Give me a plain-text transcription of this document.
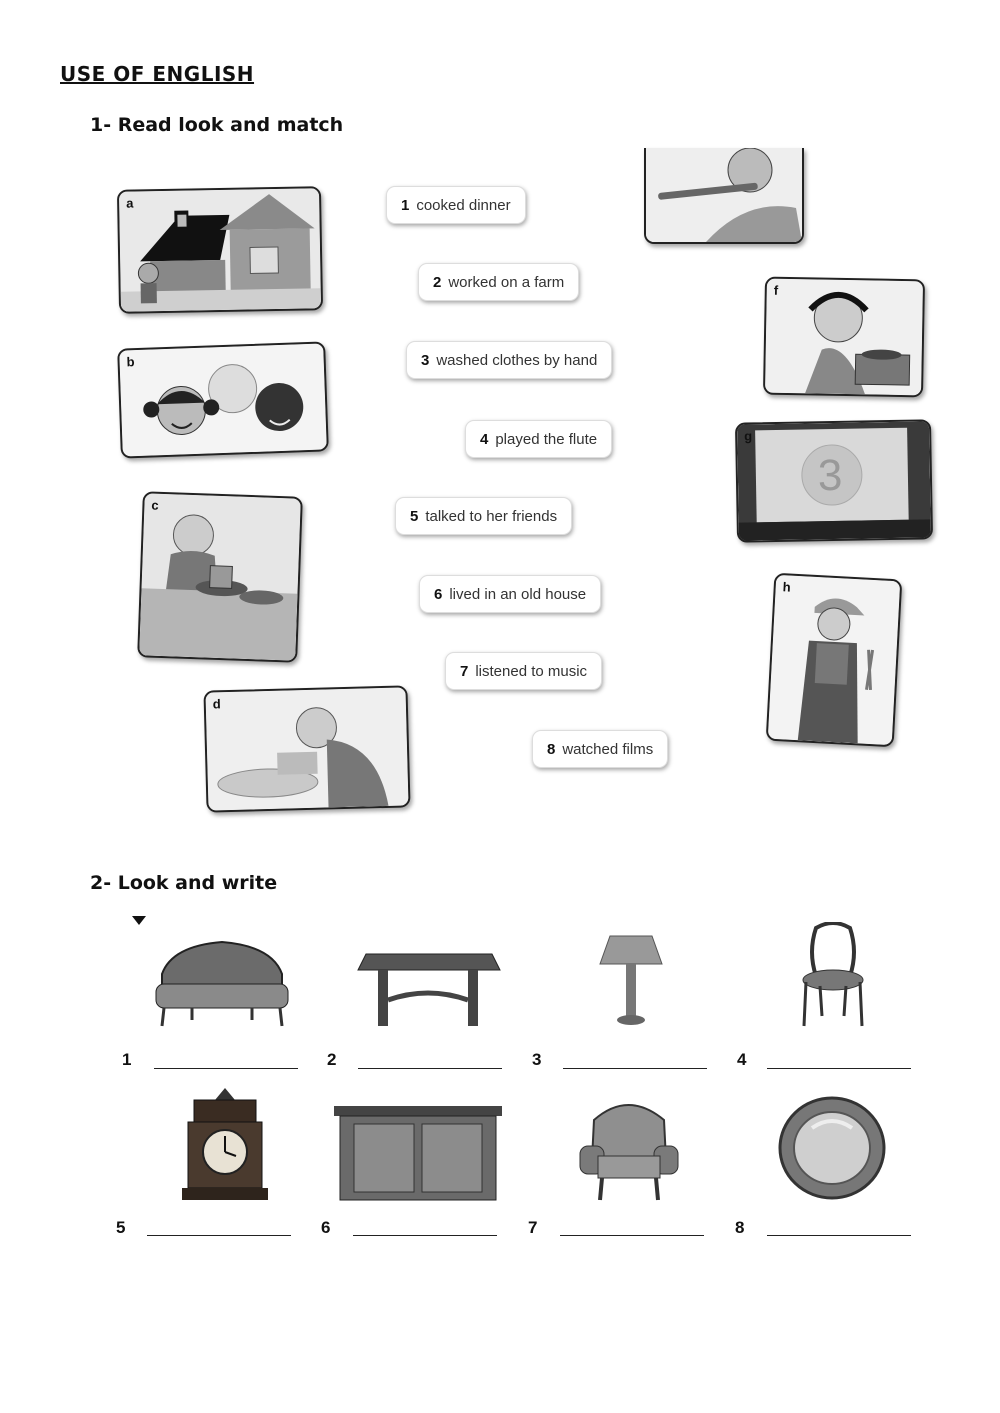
USE OF ENGLISH
1- Read look and match
a
b
c
d
f
g
3
h
1 cooked dinner
2 worked on a farm
3 washed clothes by hand
4 played the flute
5 talked to her friends
6 lived in an old house
7 listened to music
8 watched films
2- Look and write
1	2	3	4
5	6	7	8
